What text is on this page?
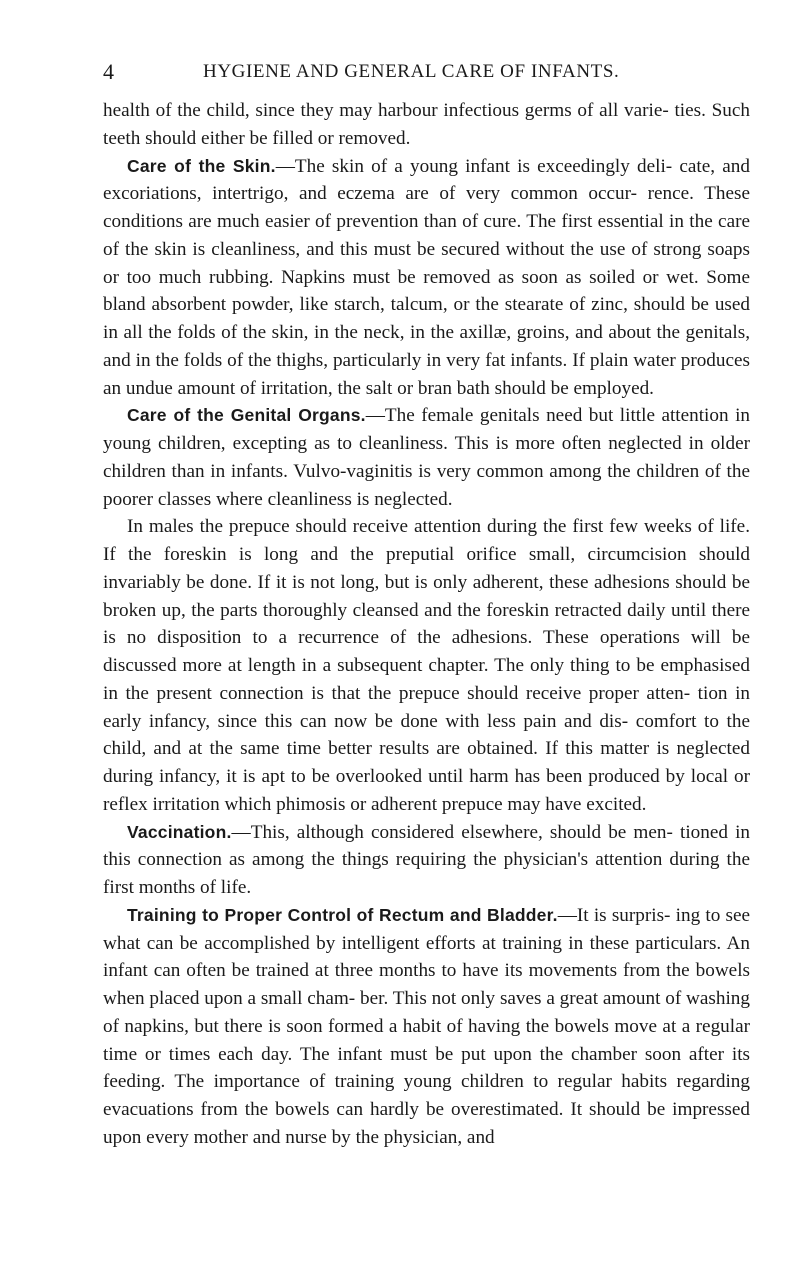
4	HYGIENE AND GENERAL CARE OF INFANTS.

health of the child, since they may harbour infectious germs of all varie- ties. Such teeth should either be filled or removed.

Care of the Skin.—The skin of a young infant is exceedingly deli- cate, and excoriations, intertrigo, and eczema are of very common occur- rence. These conditions are much easier of prevention than of cure. The first essential in the care of the skin is cleanliness, and this must be secured without the use of strong soaps or too much rubbing. Napkins must be removed as soon as soiled or wet. Some bland absorbent powder, like starch, talcum, or the stearate of zinc, should be used in all the folds of the skin, in the neck, in the axillæ, groins, and about the genitals, and in the folds of the thighs, particularly in very fat infants. If plain water produces an undue amount of irritation, the salt or bran bath should be employed.

Care of the Genital Organs.—The female genitals need but little attention in young children, excepting as to cleanliness. This is more often neglected in older children than in infants. Vulvo-vaginitis is very common among the children of the poorer classes where cleanliness is neglected.

In males the prepuce should receive attention during the first few weeks of life. If the foreskin is long and the preputial orifice small, circumcision should invariably be done. If it is not long, but is only adherent, these adhesions should be broken up, the parts thoroughly cleansed and the foreskin retracted daily until there is no disposition to a recurrence of the adhesions. These operations will be discussed more at length in a subsequent chapter. The only thing to be emphasised in the present connection is that the prepuce should receive proper atten- tion in early infancy, since this can now be done with less pain and dis- comfort to the child, and at the same time better results are obtained. If this matter is neglected during infancy, it is apt to be overlooked until harm has been produced by local or reflex irritation which phimosis or adherent prepuce may have excited.

Vaccination.—This, although considered elsewhere, should be men- tioned in this connection as among the things requiring the physician's attention during the first months of life.

Training to Proper Control of Rectum and Bladder.—It is surpris- ing to see what can be accomplished by intelligent efforts at training in these particulars. An infant can often be trained at three months to have its movements from the bowels when placed upon a small cham- ber. This not only saves a great amount of washing of napkins, but there is soon formed a habit of having the bowels move at a regular time or times each day. The infant must be put upon the chamber soon after its feeding. The importance of training young children to regular habits regarding evacuations from the bowels can hardly be overestimated. It should be impressed upon every mother and nurse by the physician, and
